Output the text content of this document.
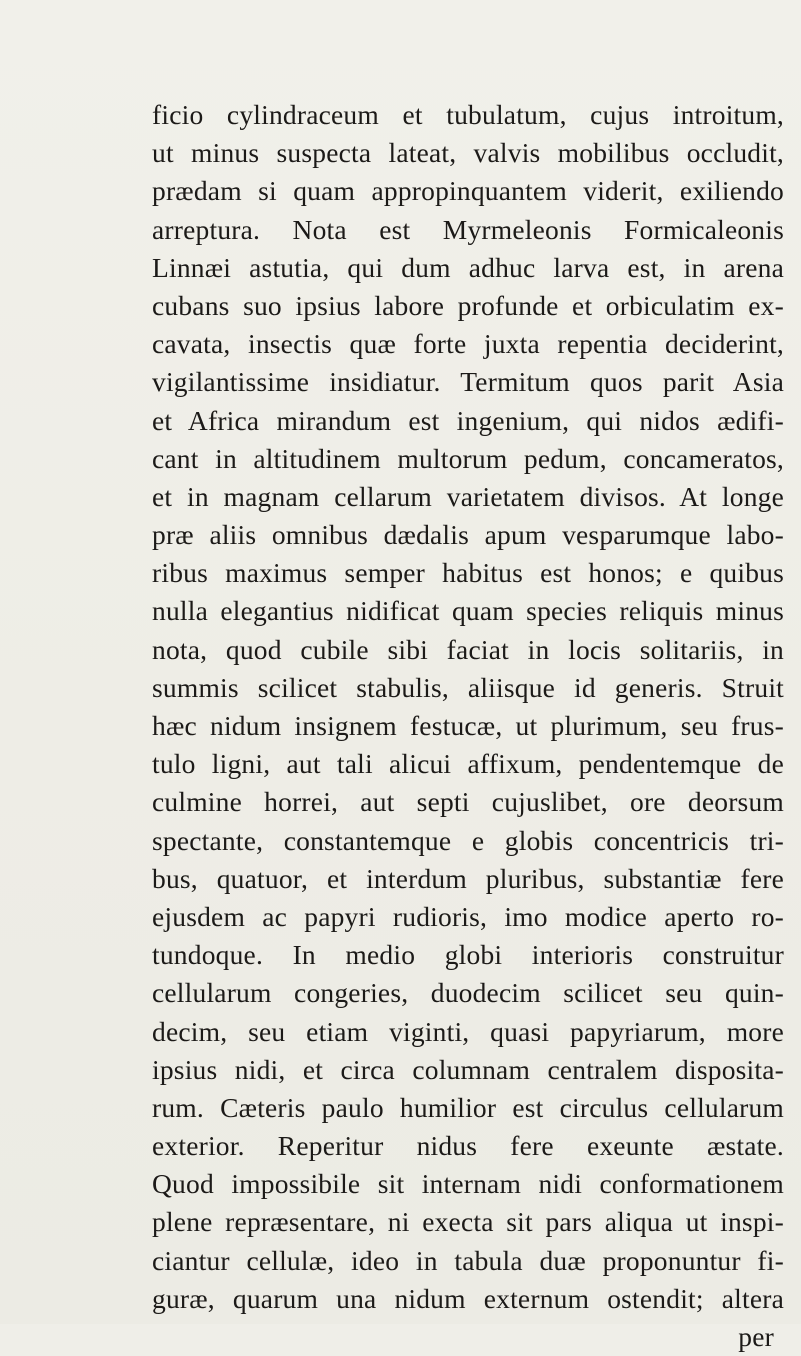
ficio cylindraceum et tubulatum, cujus introitum,
ut minus suspecta lateat, valvis mobilibus occludit,
prædam si quam appropinquantem viderit, exiliendo
arreptura. Nota est Myrmeleonis Formicaleonis
Linnæi astutia, qui dum adhuc larva est, in arena
cubans suo ipsius labore profunde et orbiculatim ex-
cavata, insectis quæ forte juxta repentia deciderint,
vigilantissime insidiatur. Termitum quos parit Asia
et Africa mirandum est ingenium, qui nidos ædifi-
cant in altitudinem multorum pedum, concameratos,
et in magnam cellarum varietatem divisos. At longe
præ aliis omnibus dædalis apum vesparumque labo-
ribus maximus semper habitus est honos; e quibus
nulla elegantius nidificat quam species reliquis minus
nota, quod cubile sibi faciat in locis solitariis, in
summis scilicet stabulis, aliisque id generis. Struit
hæc nidum insignem festucæ, ut plurimum, seu frus-
tulo ligni, aut tali alicui affixum, pendentemque de
culmine horrei, aut septi cujuslibet, ore deorsum
spectante, constantemque e globis concentricis tri-
bus, quatuor, et interdum pluribus, substantiæ fere
ejusdem ac papyri rudioris, imo modice aperto ro-
tundoque. In medio globi interioris construitur
cellularum congeries, duodecim scilicet seu quin-
decim, seu etiam viginti, quasi papyriarum, more
ipsius nidi, et circa columnam centralem disposita-
rum. Cæteris paulo humilior est circulus cellularum
exterior. Reperitur nidus fere exeunte æstate.
Quod impossibile sit internam nidi conformationem
plene repræsentare, ni execta sit pars aliqua ut inspi-
ciantur cellulæ, ideo in tabula duæ proponuntur fi-
guræ, quarum una nidum externum ostendit; altera
per
